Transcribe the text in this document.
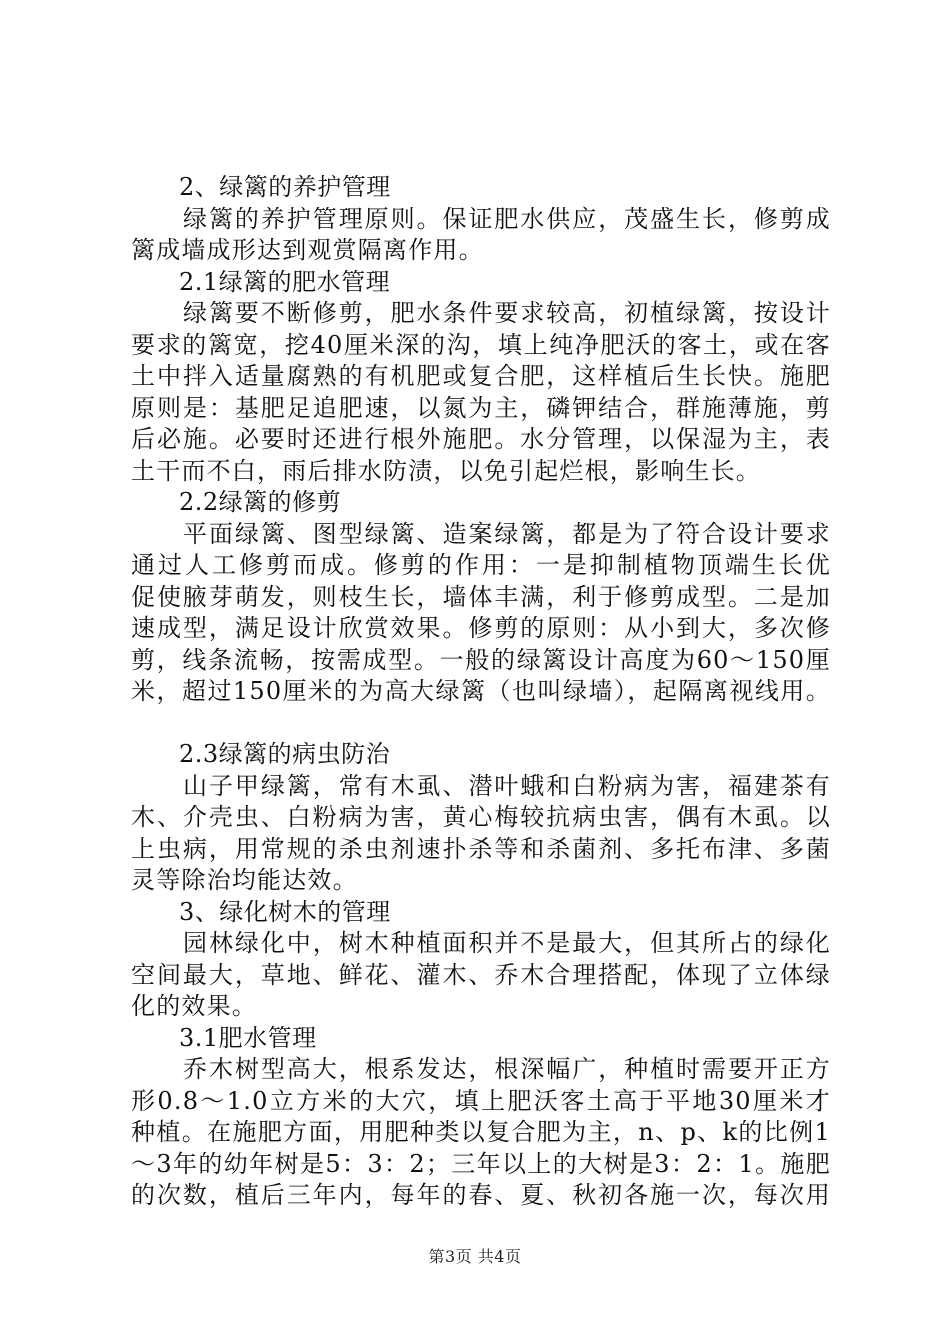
2、绿篱的养护管理
绿篱的养护管理原则。保证肥水供应，茂盛生长，修剪成
篱成墙成形达到观赏隔离作用。
2.1绿篱的肥水管理
绿篱要不断修剪，肥水条件要求较高，初植绿篱，按设计
要求的篱宽，挖40厘米深的沟，填上纯净肥沃的客土，或在客
土中拌入适量腐熟的有机肥或复合肥，这样植后生长快。施肥
原则是：基肥足追肥速，以氮为主，磷钾结合，群施薄施，剪
后必施。必要时还进行根外施肥。水分管理，以保湿为主，表
土干而不白，雨后排水防渍，以免引起烂根，影响生长。
2.2绿篱的修剪
平面绿篱、图型绿篱、造案绿篱，都是为了符合设计要求
通过人工修剪而成。修剪的作用：一是抑制植物顶端生长优
促使腋芽萌发，则枝生长，墙体丰满，利于修剪成型。二是加
速成型，满足设计欣赏效果。修剪的原则：从小到大，多次修
剪，线条流畅，按需成型。一般的绿篱设计高度为60～150厘
米，超过150厘米的为高大绿篱（也叫绿墙），起隔离视线用。
2.3绿篱的病虫防治
山子甲绿篱，常有木虱、潜叶蛾和白粉病为害，福建茶有
木、介壳虫、白粉病为害，黄心梅较抗病虫害，偶有木虱。以
上虫病，用常规的杀虫剂速扑杀等和杀菌剂、多托布津、多菌
灵等除治均能达效。
3、绿化树木的管理
园林绿化中，树木种植面积并不是最大，但其所占的绿化
空间最大，草地、鲜花、灌木、乔木合理搭配，体现了立体绿
化的效果。
3.1肥水管理
乔木树型高大，根系发达，根深幅广，种植时需要开正方
形0.8～1.0立方米的大穴，填上肥沃客土高于平地30厘米才
种植。在施肥方面，用肥种类以复合肥为主，n、p、k的比例1
～3年的幼年树是5：3：2；三年以上的大树是3：2：1。施肥
的次数，植后三年内，每年的春、夏、秋初各施一次，每次用
第3页 共4页
